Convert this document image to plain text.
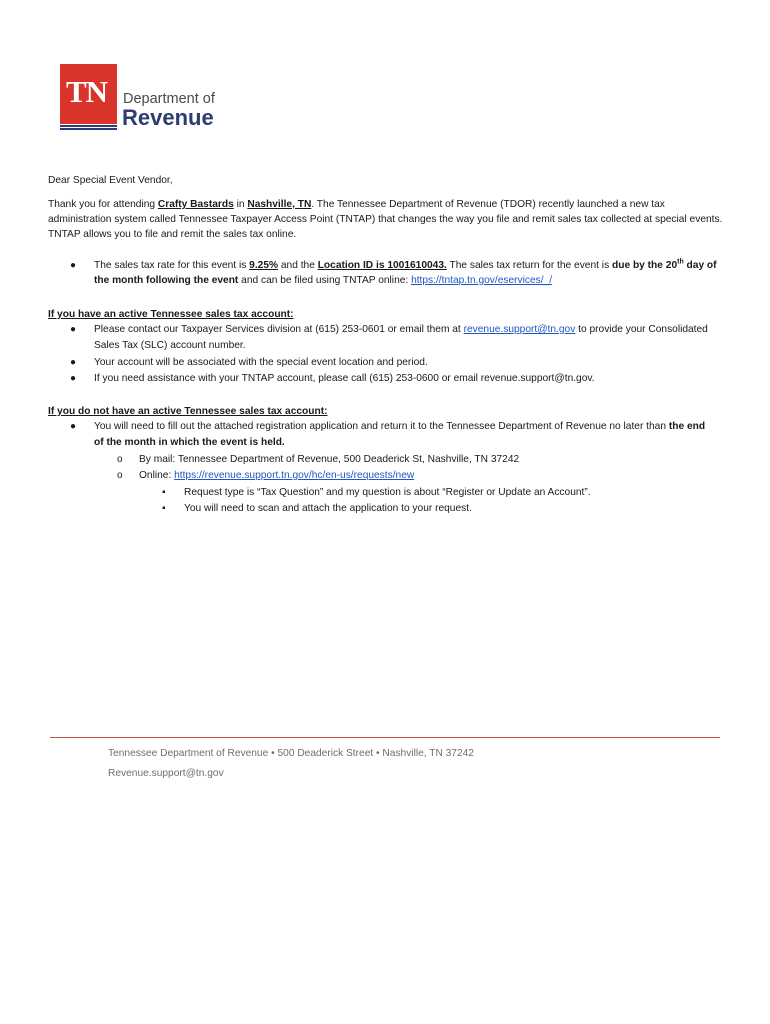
TN Department of
Revenue
Dear Special Event Vendor,
Thank you for attending Crafty Bastards in Nashville, TN. The Tennessee Department of Revenue (TDOR) recently launched a new tax
administration system called Tennessee Taxpayer Access Point (TNTAP) that changes the way you file and remit sales tax collected at special events.
TNTAP allows you to file and remit the sales tax online.
● The sales tax rate for this event is 9.25% and the Location ID is 1001610043. The sales tax return for the event is due by the 20th day of
the month following the event and can be filed using TNTAP online: https://tntap.tn.gov/eservices/_/
If you have an active Tennessee sales tax account:
● Please contact our Taxpayer Services division at (615) 253-0601 or email them at revenue.support@tn.gov to provide your Consolidated
Sales Tax (SLC) account number.
● Your account will be associated with the special event location and period.
● If you need assistance with your TNTAP account, please call (615) 253-0600 or email revenue.support@tn.gov.
If you do not have an active Tennessee sales tax account:
● You will need to fill out the attached registration application and return it to the Tennessee Department of Revenue no later than the end
of the month in which the event is held.
o By mail: Tennessee Department of Revenue, 500 Deaderick St, Nashville, TN 37242
o Online: https://revenue.support.tn.gov/hc/en-us/requests/new
▪ Request type is “Tax Question” and my question is about “Register or Update an Account”.
▪ You will need to scan and attach the application to your request.
Tennessee Department of Revenue • 500 Deaderick Street • Nashville, TN 37242
Revenue.support@tn.gov
